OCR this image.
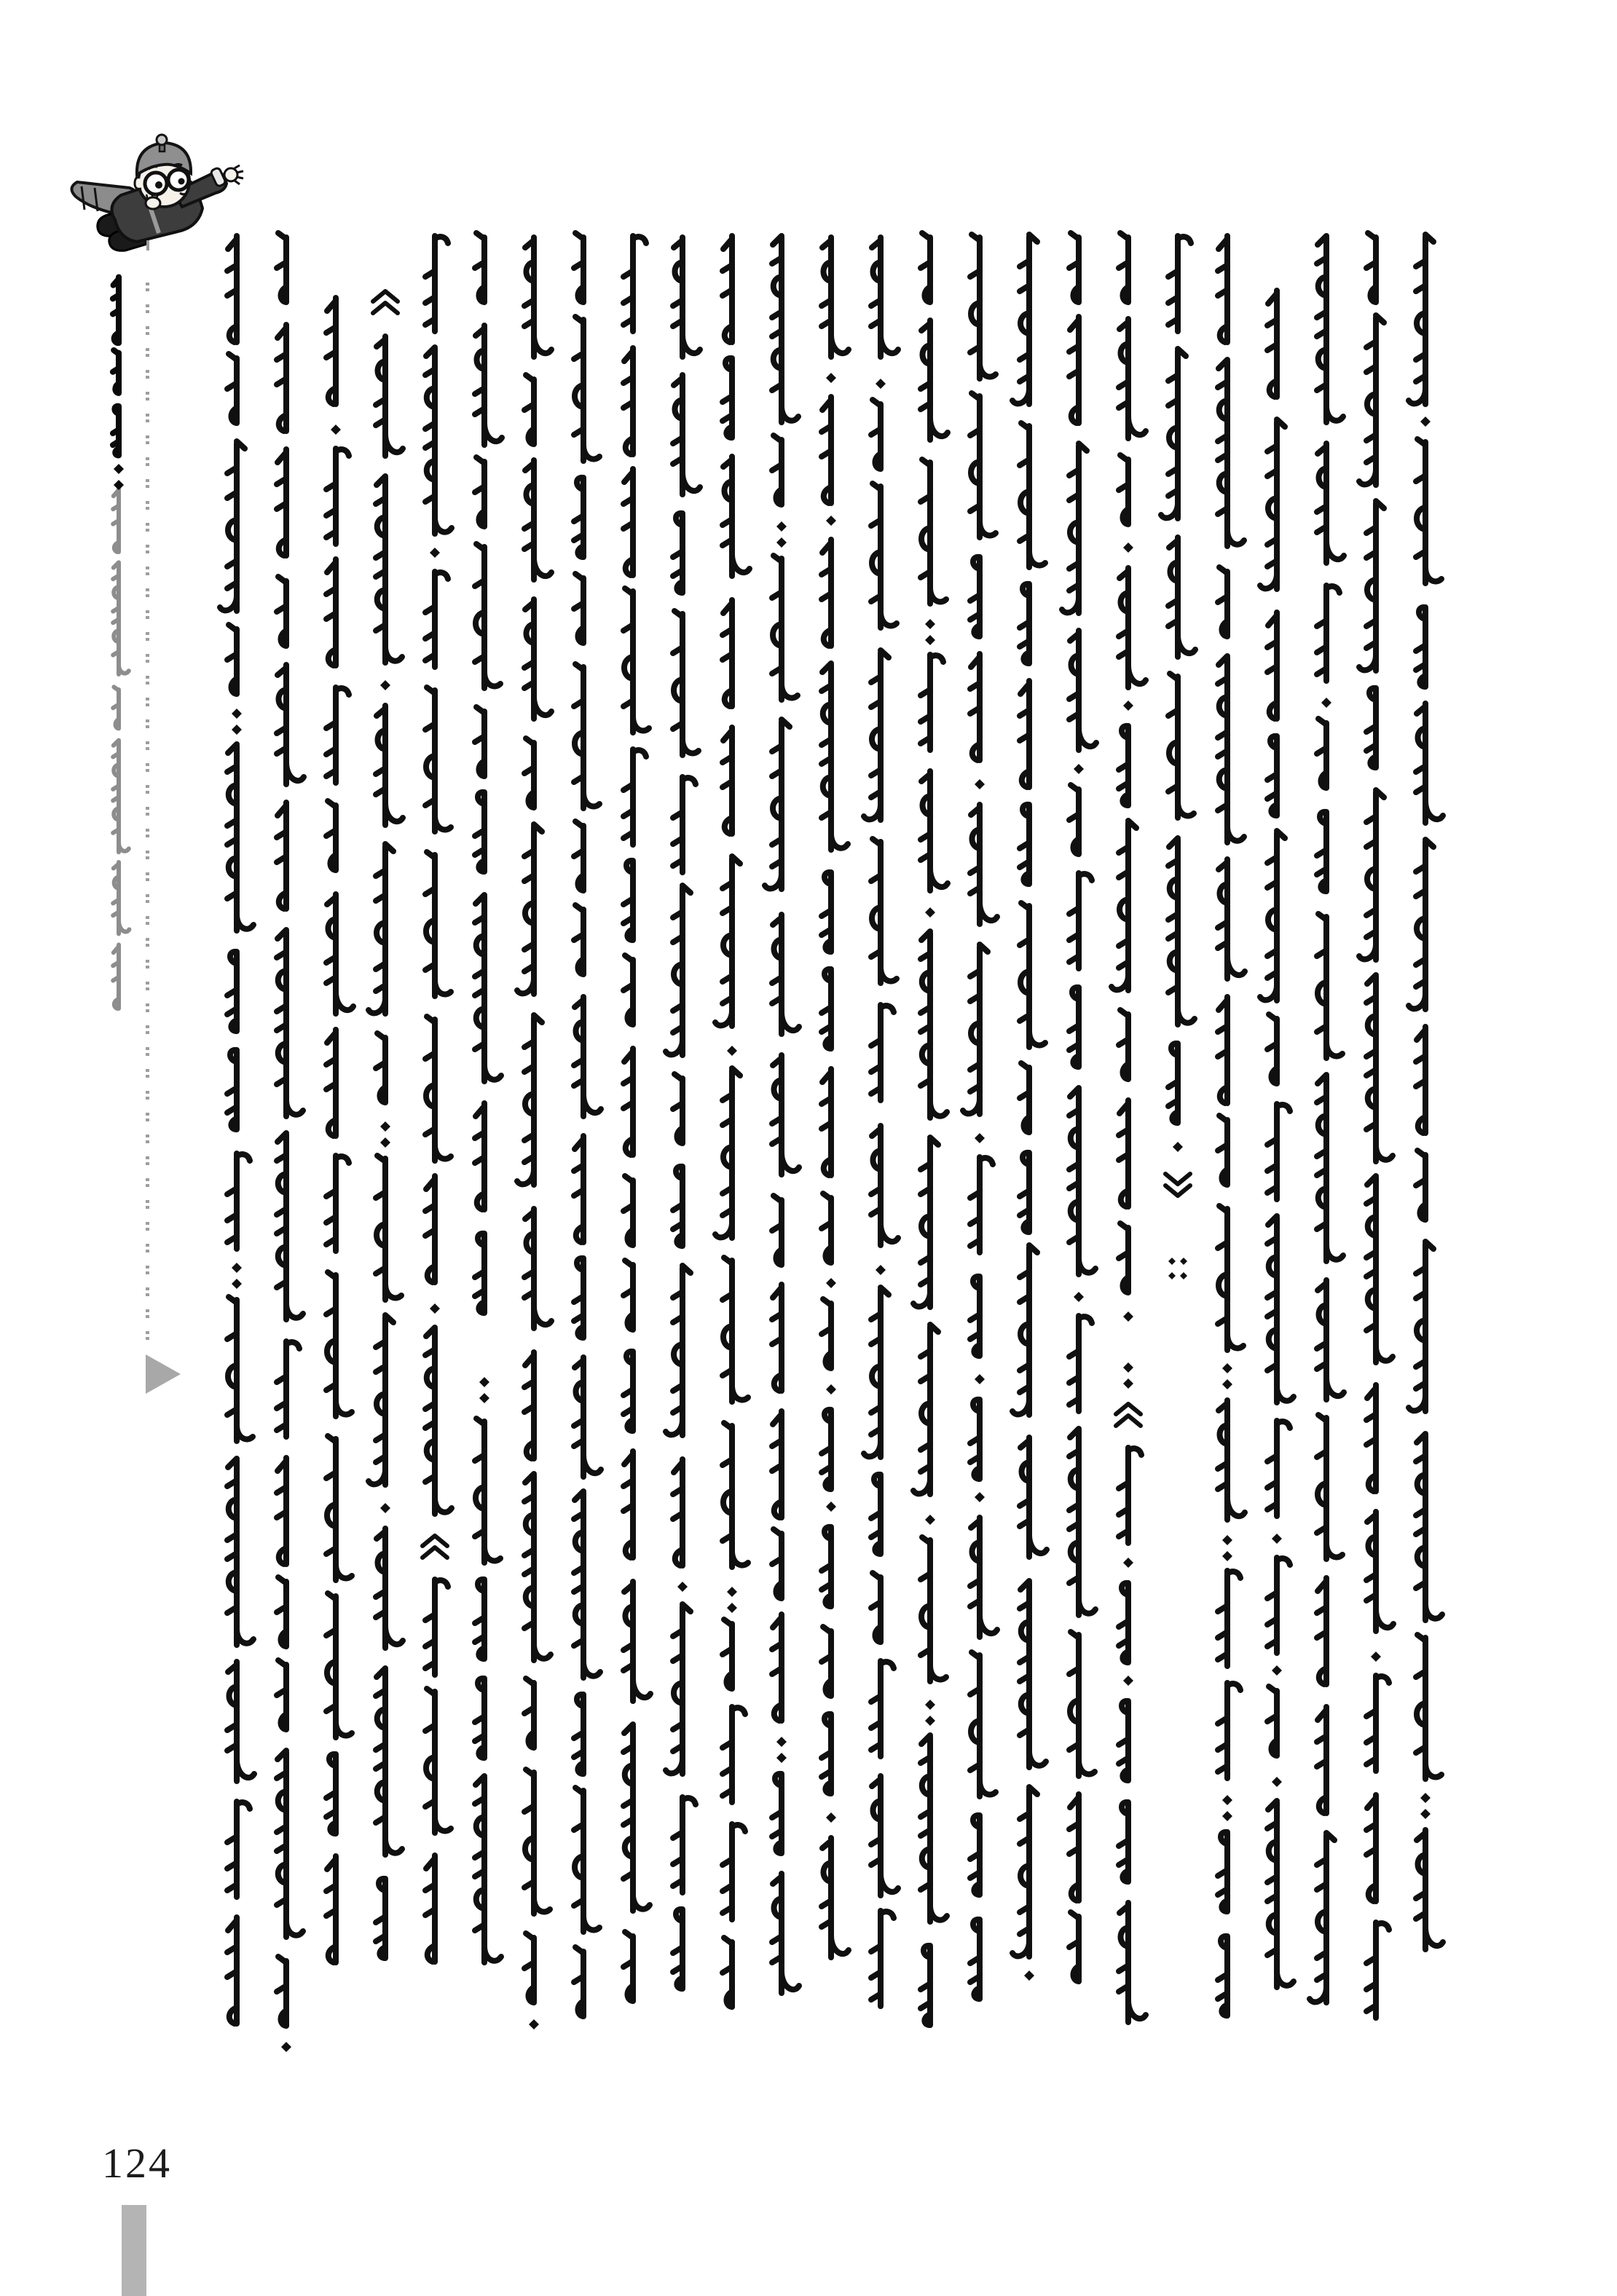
124
